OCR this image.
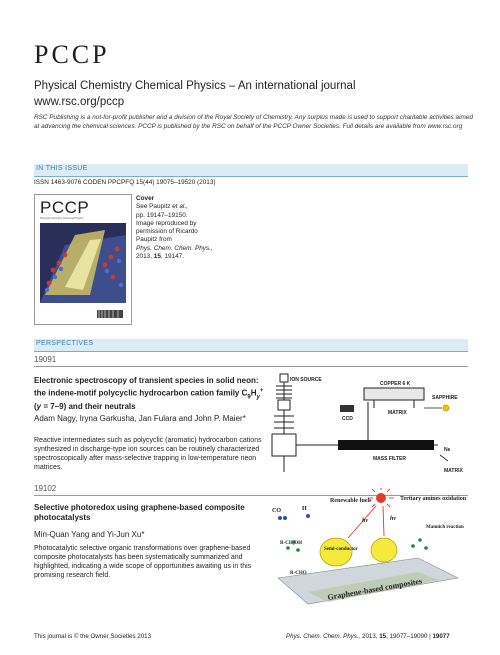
PCCP
Physical Chemistry Chemical Physics – An international journal
www.rsc.org/pccp
RSC Publishing is a not-for-profit publisher and a division of the Royal Society of Chemistry. Any surplus made is used to support charitable activities aimed at advancing the chemical sciences. PCCP is published by the RSC on behalf of the PCCP Owner Societies. Full details are available from www.rsc.org
IN THIS ISSUE
ISSN 1463-9076 CODEN PPCPFQ 15(44) 19075–19520 (2013)
PCCP
Physical Chemistry Chemical Physics
Cover
See Paupitz et al.,
pp. 19147–19150.
Image reproduced by permission of Ricardo Paupitz from
Phys. Chem. Chem. Phys.,
2013, 15, 19147.
PERSPECTIVES
19091
Electronic spectroscopy of transient species in solid neon: the indene-motif polycyclic hydrocarbon cation family $C_9H_y^+$ (y = 7–9) and their neutrals
Adam Nagy, Iryna Garkusha, Jan Fulara and John P. Maier*
Reactive intermediates such as polycyclic (aromatic) hydrocarbon cations synthesized in discharge-type ion sources can be routinely characterized spectroscopically after mass-selective trapping in low-temperature neon matrices.
ION SOURCE
COPPER 6 K
SAPPHIRE
CCD
MATRIX
Ne
MASS FILTER
MATRIX
19102
Selective photoredox using graphene-based composite photocatalysts
Min-Quan Yang and Yi-Jun Xu*
Photocatalytic selective organic transformations over graphene-based composite photocatalysts has been systematically summarized and highlighted, indicating a wide scope of opportunities awaiting us in this promising research field.
Renewable fuels	Tertiary amines oxidation
CO	H
Semi-conductor
hν	hν
Mannich reaction
R-CH₂OH
R-CHO
Graphene-based composites
This journal is © the Owner Societies 2013	Phys. Chem. Chem. Phys., 2013, 15, 19077–19090 | 19077
